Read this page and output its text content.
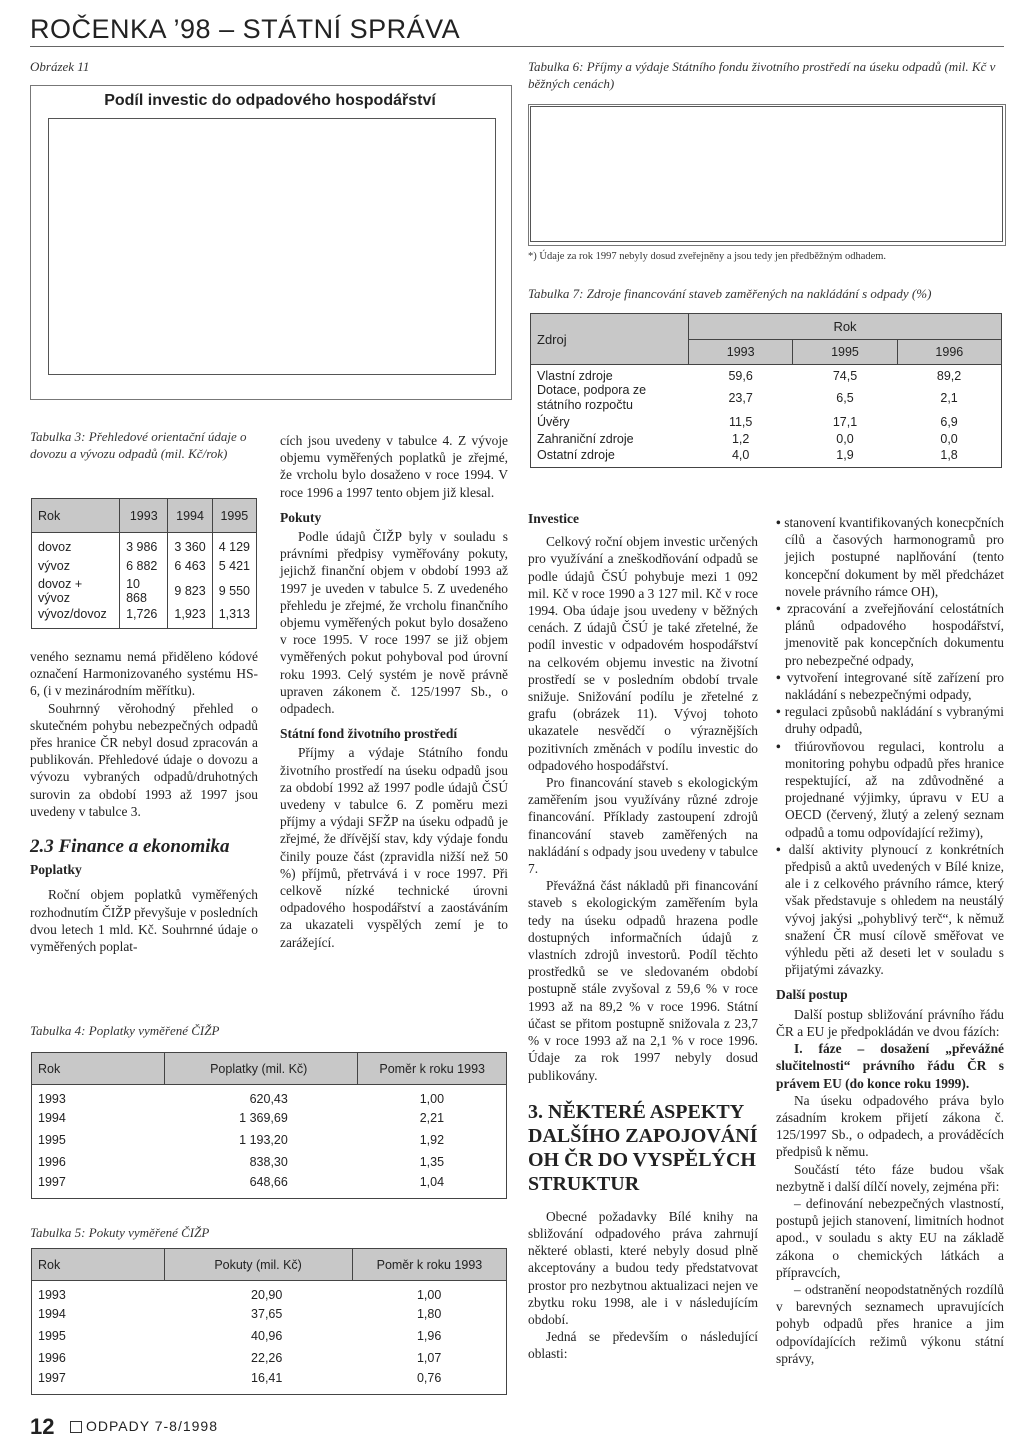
ROČENKA ’98 – STÁTNÍ SPRÁVA
Obrázek 11
Podíl investic do odpadového hospodářství
Tabulka 6: Příjmy a výdaje Státního fondu životního prostředí na úseku odpadů (mil. Kč v běžných cenách)
*) Údaje za rok 1997 nebyly dosud zveřejněny a jsou tedy jen předběžným odhadem.
Tabulka 7: Zdroje financování staveb zaměřených na nakládání s odpady (%)
Zdroj	Rok		
	1993	1995	1996
Vlastní zdroje	59,6	74,5	89,2
Dotace, podpora ze státního rozpočtu	23,7	6,5	2,1
Úvěry	11,5	17,1	6,9
Zahraniční zdroje	1,2	0,0	0,0
Ostatní zdroje	4,0	1,9	1,8
Tabulka 3: Přehledové orientační údaje o dovozu a vývozu odpadů (mil. Kč/rok)
Rok	1993	1994	1995
dovoz	3 986	3 360	4 129
vývoz	6 882	6 463	5 421
dovoz + vývoz	10 868	9 823	9 550
vývoz/dovoz	1,726	1,923	1,313

veného seznamu nemá přiděleno kódové označení Harmonizovaného systému HS-6, (i v mezinárodním měřítku).

Souhrnný věrohodný přehled o skutečném pohybu nebezpečných odpadů přes hranice ČR nebyl dosud zpracován a publikován. Přehledové údaje o dovozu a vývozu vybraných odpadů/druhotných surovin za období 1993 až 1997 jsou uvedeny v tabulce 3.

2.3 Finance a ekonomika
Poplatky

Roční objem poplatků vyměřených rozhodnutím ČIŽP převyšuje v posledních dvou letech 1 mld. Kč. Souhrnné údaje o vyměřených poplat-

cích jsou uvedeny v tabulce 4. Z vývoje objemu vyměřených poplatků je zřejmé, že vrcholu bylo dosaženo v roce 1994. V roce 1996 a 1997 tento objem již klesal.

Pokuty

Podle údajů ČIŽP byly v souladu s právními předpisy vyměřovány pokuty, jejichž finanční objem v období 1993 až 1997 je uveden v tabulce 5. Z uvedeného přehledu je zřejmé, že vrcholu finančního objemu vyměřených pokut bylo dosaženo v roce 1995. V roce 1997 se již objem vyměřených pokut pohyboval pod úrovní roku 1993. Celý systém je nově právně upraven zákonem č. 125/1997 Sb., o odpadech.

Státní fond životního prostředí

Příjmy a výdaje Státního fondu životního prostředí na úseku odpadů jsou za období 1992 až 1997 podle údajů ČSÚ uvedeny v tabulce 6. Z poměru mezi příjmy a výdaji SFŽP na úseku odpadů je zřejmé, že dřívější stav, kdy výdaje fondu činily pouze část (zpravidla nižší než 50 %) příjmů, přetrvává i v roce 1997. Při celkově nízké technické úrovni odpadového hospodářství a zaostáváním za ukazateli vyspělých zemí je to zarážející.

Tabulka 4: Poplatky vyměřené ČIŽP
Rok	Poplatky (mil. Kč)	Poměr k roku 1993
1993	620,43	1,00
1994	1 369,69	2,21
1995	1 193,20	1,92
1996	838,30	1,35
1997	648,66	1,04
Tabulka 5: Pokuty vyměřené ČIŽP
Rok	Pokuty (mil. Kč)	Poměr k roku 1993
1993	20,90	1,00
1994	37,65	1,80
1995	40,96	1,96
1996	22,26	1,07
1997	16,41	0,76
Investice

Celkový roční objem investic určených pro využívání a zneškodňování odpadů se podle údajů ČSÚ pohybuje mezi 1 092 mil. Kč v roce 1990 a 3 127 mil. Kč v roce 1994. Oba údaje jsou uvedeny v běžných cenách. Z údajů ČSÚ je také zřetelné, že podíl investic v odpadovém hospodářství na celkovém objemu investic na životní prostředí se v posledním období trvale snižuje. Snižování podílu je zřetelné z grafu (obrázek 11). Vývoj tohoto ukazatele nesvědčí o výraznějších pozitivních změnách v podílu investic do odpadového hospodářství.

Pro financování staveb s ekologickým zaměřením jsou využívány různé zdroje financování. Příklady zastoupení zdrojů financování staveb zaměřených na nakládání s odpady jsou uvedeny v tabulce 7.

Převážná část nákladů při financování staveb s ekologickým zaměřením byla tedy na úseku odpadů hrazena podle dostupných informačních údajů z vlastních zdrojů investorů. Podíl těchto prostředků se ve sledovaném období postupně stále zvyšoval z 59,6 % v roce 1993 až na 89,2 % v roce 1996. Státní účast se přitom postupně snižovala z 23,7 % v roce 1993 až na 2,1 % v roce 1996. Údaje za rok 1997 nebyly dosud publikovány.

3. NĚKTERÉ ASPEKTY DALŠÍHO ZAPOJOVÁNÍ OH ČR DO VYSPĚLÝCH STRUKTUR

Obecné požadavky Bílé knihy na sbližování odpadového práva zahrnují některé oblasti, které nebyly dosud plně akceptovány a budou tedy předstatvovat prostor pro nezbytnou aktualizaci nejen ve zbytku roku 1998, ale i v následujícím období.

Jedná se především o následující oblasti:

• stanovení kvantifikovaných konecpčních cílů a časových harmonogramů pro jejich postupné naplňování (tento koncepční dokument by měl předcházet novele právního rámce OH),
• zpracování a zveřejňování celostátních plánů odpadového hospodářství, jmenovitě pak koncepčních dokumentu pro nebezpečné odpady,
• vytvoření integrované sítě zařízení pro nakládání s nebezpečnými odpady,
• regulaci způsobů nakládání s vybranými druhy odpadů,
• třiúrovňovou regulaci, kontrolu a monitoring pohybu odpadů přes hranice respektující, až na zdůvodněné a projednané výjimky, úpravu v EU a OECD (červený, žlutý a zelený seznam odpadů a tomu odpovídající režimy),
• další aktivity plynoucí z konkrétních předpisů a aktů uvedených v Bílé knize, ale i z celkového právního rámce, který však představuje s ohledem na neustálý vývoj jakýsi „pohyblivý terč“, k němuž snažení ČR musí cílově směřovat ve výhledu pěti až deseti let v souladu s přijatými závazky.
Další postup

Další postup sbližování právního řádu ČR a EU je předpokládán ve dvou fázích:

I. fáze – dosažení „převážné slučitelnosti“ právního řádu ČR s právem EU (do konce roku 1999).

Na úseku odpadového práva bylo zásadním krokem přijetí zákona č. 125/1997 Sb., o odpadech, a prováděcích předpisů k němu.

Součástí této fáze budou však nezbytně i další dílčí novely, zejména při:

– definování nebezpečných vlastností, postupů jejich stanovení, limitních hodnot apod., v souladu s akty EU na základě zákona o chemických látkách a přípravcích,

– odstranění neopodstatněných rozdílů v barevných seznamech upravujících pohyb odpadů přes hranice a jim odpovídajících režimů výkonu státní správy,

12 ODPADY 7-8/1998
